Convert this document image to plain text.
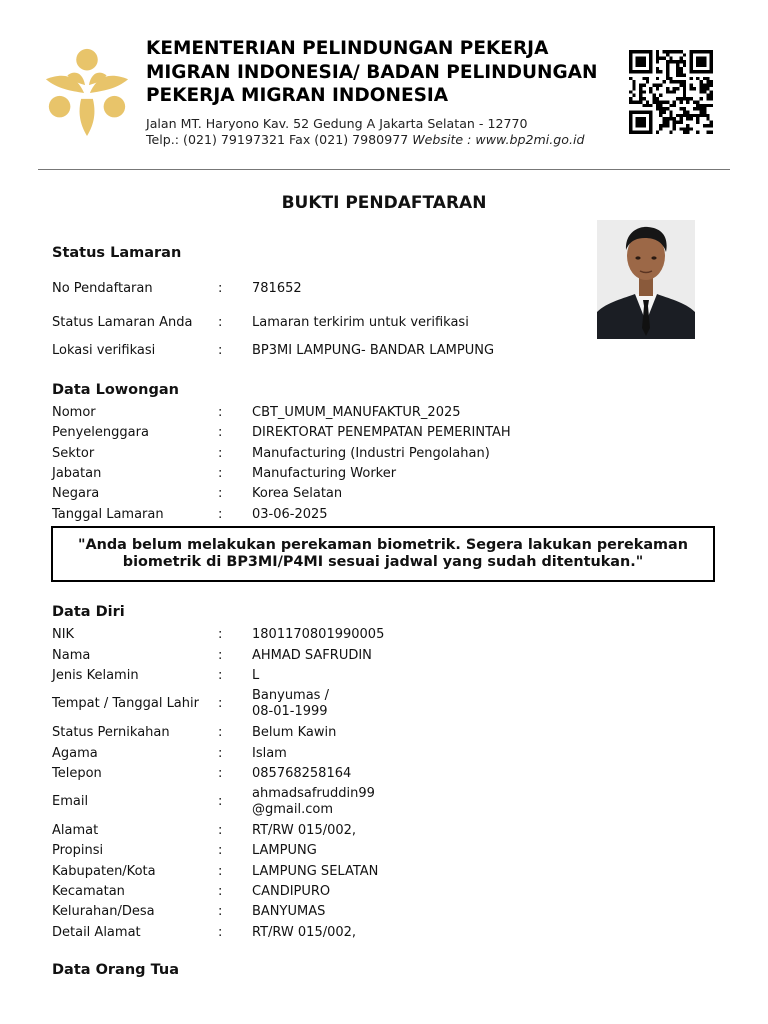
KEMENTERIAN PELINDUNGAN PEKERJA
MIGRAN INDONESIA/ BADAN PELINDUNGAN
PEKERJA MIGRAN INDONESIA
Jalan MT. Haryono Kav. 52 Gedung A Jakarta Selatan - 12770
Telp.: (021) 79197321 Fax (021) 7980977 Website : www.bp2mi.go.id
BUKTI PENDAFTARAN
Status Lamaran
No Pendaftaran	: 781652
Status Lamaran Anda : Lamaran terkirim untuk verifikasi
Lokasi verifikasi	: BP3MI LAMPUNG- BANDAR LAMPUNG
Data Lowongan
Nomor	: CBT_UMUM_MANUFAKTUR_2025
Penyelenggara	: DIREKTORAT PENEMPATAN PEMERINTAH
Sektor	: Manufacturing (Industri Pengolahan)
Jabatan	: Manufacturing Worker
Negara	: Korea Selatan
Tanggal Lamaran	: 03-06-2025
"Anda belum melakukan perekaman biometrik. Segera lakukan perekaman
biometrik di BP3MI/P4MI sesuai jadwal yang sudah ditentukan."
Data Diri
NIK	: 1801170801990005
Nama	: AHMAD SAFRUDIN
Jenis Kelamin	: L
Tempat / Tanggal Lahir :
Banyumas /
08-01-1999
Status Pernikahan	: Belum Kawin
Agama	: Islam
Telepon	: 085768258164
Email	:
ahmadsafruddin99
@gmail.com
Alamat	: RT/RW 015/002,
Propinsi	: LAMPUNG
Kabupaten/Kota	: LAMPUNG SELATAN
Kecamatan	: CANDIPURO
Kelurahan/Desa	: BANYUMAS
Detail Alamat	: RT/RW 015/002,
Data Orang Tua
